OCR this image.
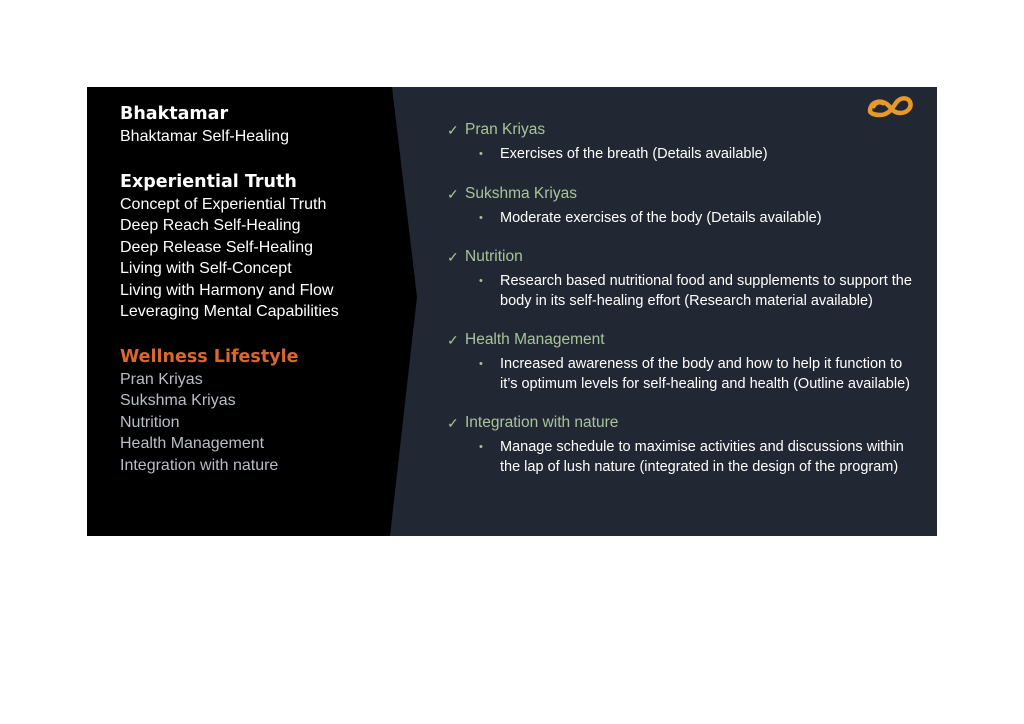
Bhaktamar

Bhaktamar Self-Healing

Experiential Truth

Concept of Experiential Truth

Deep Reach Self-Healing

Deep Release Self-Healing

Living with Self-Concept

Living with Harmony and Flow

Leveraging Mental Capabilities

Wellness Lifestyle

Pran Kriyas

Sukshma Kriyas

Nutrition

Health Management

Integration with nature

✓ Pran Kriyas
•	Exercises of the breath (Details available)
✓ Sukshma Kriyas
•	Moderate exercises of the body (Details available)
✓ Nutrition
•	Research based nutritional food and supplements to support the
body in its self-healing effort (Research material available)
✓ Health Management
•	Increased awareness of the body and how to help it function to
it’s optimum levels for self-healing and health (Outline available)
✓ Integration with nature
•	Manage schedule to maximise activities and discussions within
the lap of lush nature (integrated in the design of the program)
